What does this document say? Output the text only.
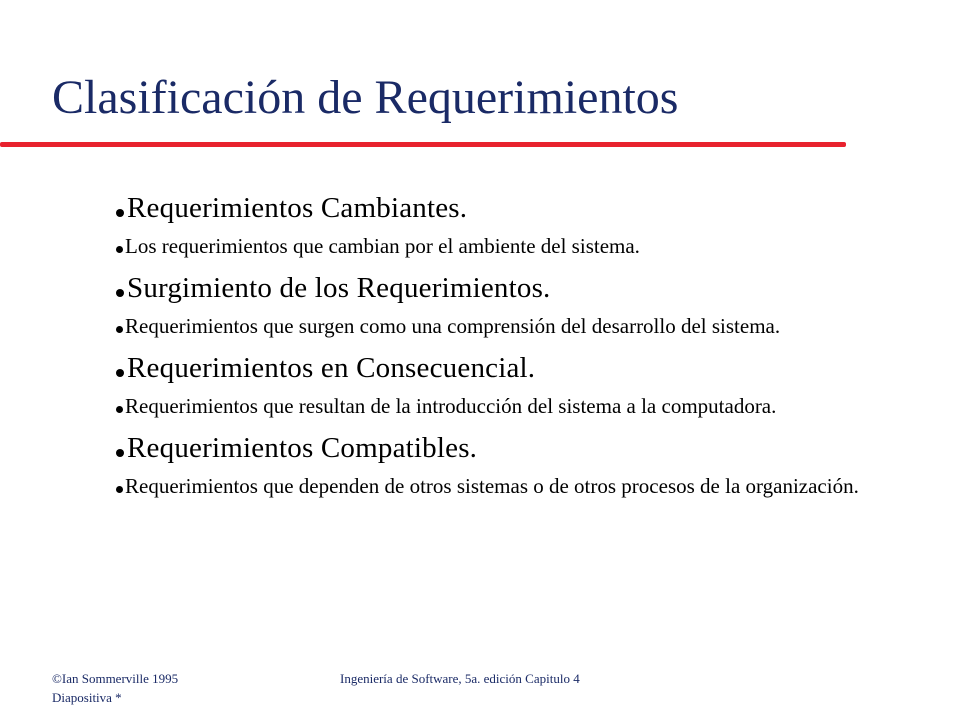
Clasificación de Requerimientos
Requerimientos Cambiantes.
Los requerimientos que cambian por el ambiente del sistema.
Surgimiento de los Requerimientos.
Requerimientos que surgen como una comprensión del desarrollo del sistema.
Requerimientos en Consecuencial.
Requerimientos que resultan de la introducción del sistema a la computadora.
Requerimientos Compatibles.
Requerimientos que dependen de otros sistemas o de otros procesos de la organización.
©Ian Sommerville 1995
Diapositiva *
Ingeniería de Software, 5a. edición Capitulo 4
